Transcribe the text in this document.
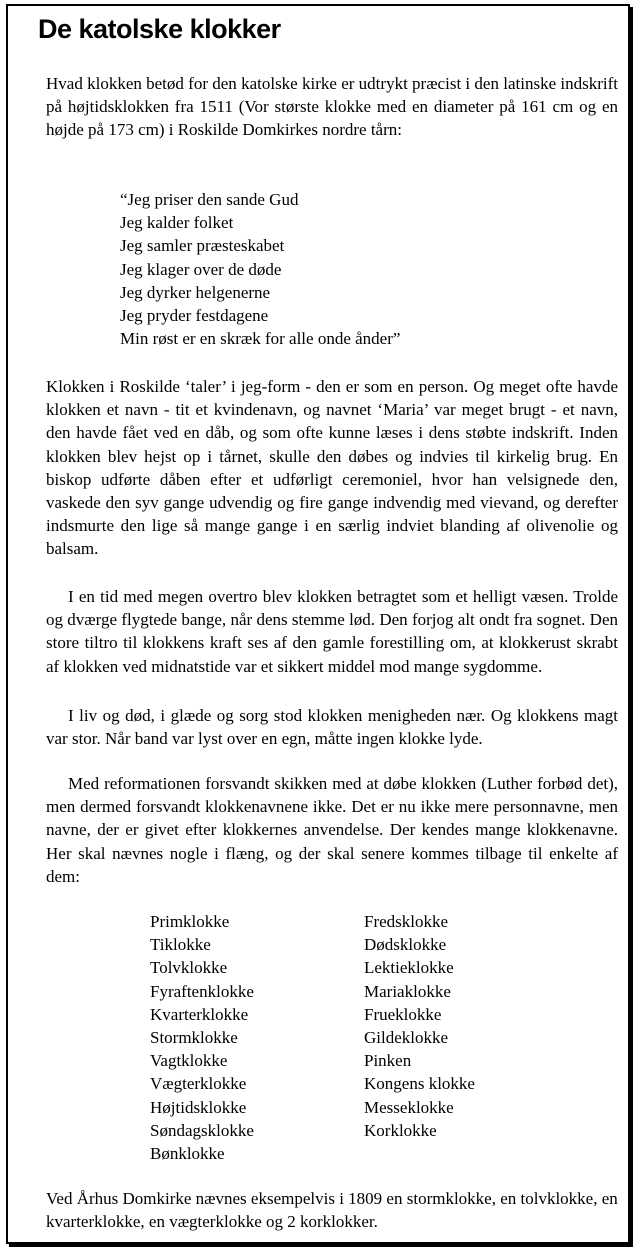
De katolske klokker

Hvad klokken betød for den katolske kirke er udtrykt præcist i den latinske indskrift på højtidsklokken fra 1511 (Vor største klokke med en diameter på 161 cm og en højde på 173 cm) i Roskilde Domkirkes nordre tårn:

“Jeg priser den sande Gud
Jeg kalder folket
Jeg samler præsteskabet
Jeg klager over de døde
Jeg dyrker helgenerne
Jeg pryder festdagene
Min røst er en skræk for alle onde ånder”

Klokken i Roskilde ‘taler’ i jeg-form - den er som en person. Og meget ofte havde klokken et navn - tit et kvindenavn, og navnet ‘Maria’ var meget brugt - et navn, den havde fået ved en dåb, og som ofte kunne læses i dens støbte indskrift. Inden klokken blev hejst op i tårnet, skulle den døbes og indvies til kirkelig brug. En biskop udførte dåben efter et udførligt ceremoniel, hvor han velsignede den, vaskede den syv gange udvendig og fire gange indvendig med vievand, og derefter indsmurte den lige så mange gange i en særlig indviet blanding af olivenolie og balsam.

I en tid med megen overtro blev klokken betragtet som et helligt væsen. Trolde og dværge flygtede bange, når dens stemme lød. Den forjog alt ondt fra sognet. Den store tiltro til klokkens kraft ses af den gamle forestilling om, at klokkerust skrabt af klokken ved midnatstide var et sikkert middel mod mange sygdomme.

I liv og død, i glæde og sorg stod klokken menigheden nær. Og klokkens magt var stor. Når band var lyst over en egn, måtte ingen klokke lyde.

Med reformationen forsvandt skikken med at døbe klokken (Luther forbød det), men dermed forsvandt klokkenavnene ikke. Det er nu ikke mere personnavne, men navne, der er givet efter klokkernes anvendelse. Der kendes mange klokkenavne. Her skal nævnes nogle i flæng, og der skal senere kommes tilbage til enkelte af dem:

Primklokke
Tiklokke
Tolvklokke
Fyraftenklokke
Kvarterklokke
Stormklokke
Vagtklokke
Vægterklokke
Højtidsklokke
Søndagsklokke
Bønklokke
Fredsklokke
Dødsklokke
Lektieklokke
Mariaklokke
Frueklokke
Gildeklokke
Pinken
Kongens klokke
Messeklokke
Korklokke

Ved Århus Domkirke nævnes eksempelvis i 1809 en stormklokke, en tolvklokke, en kvarterklokke, en vægterklokke og 2 korklokker.
